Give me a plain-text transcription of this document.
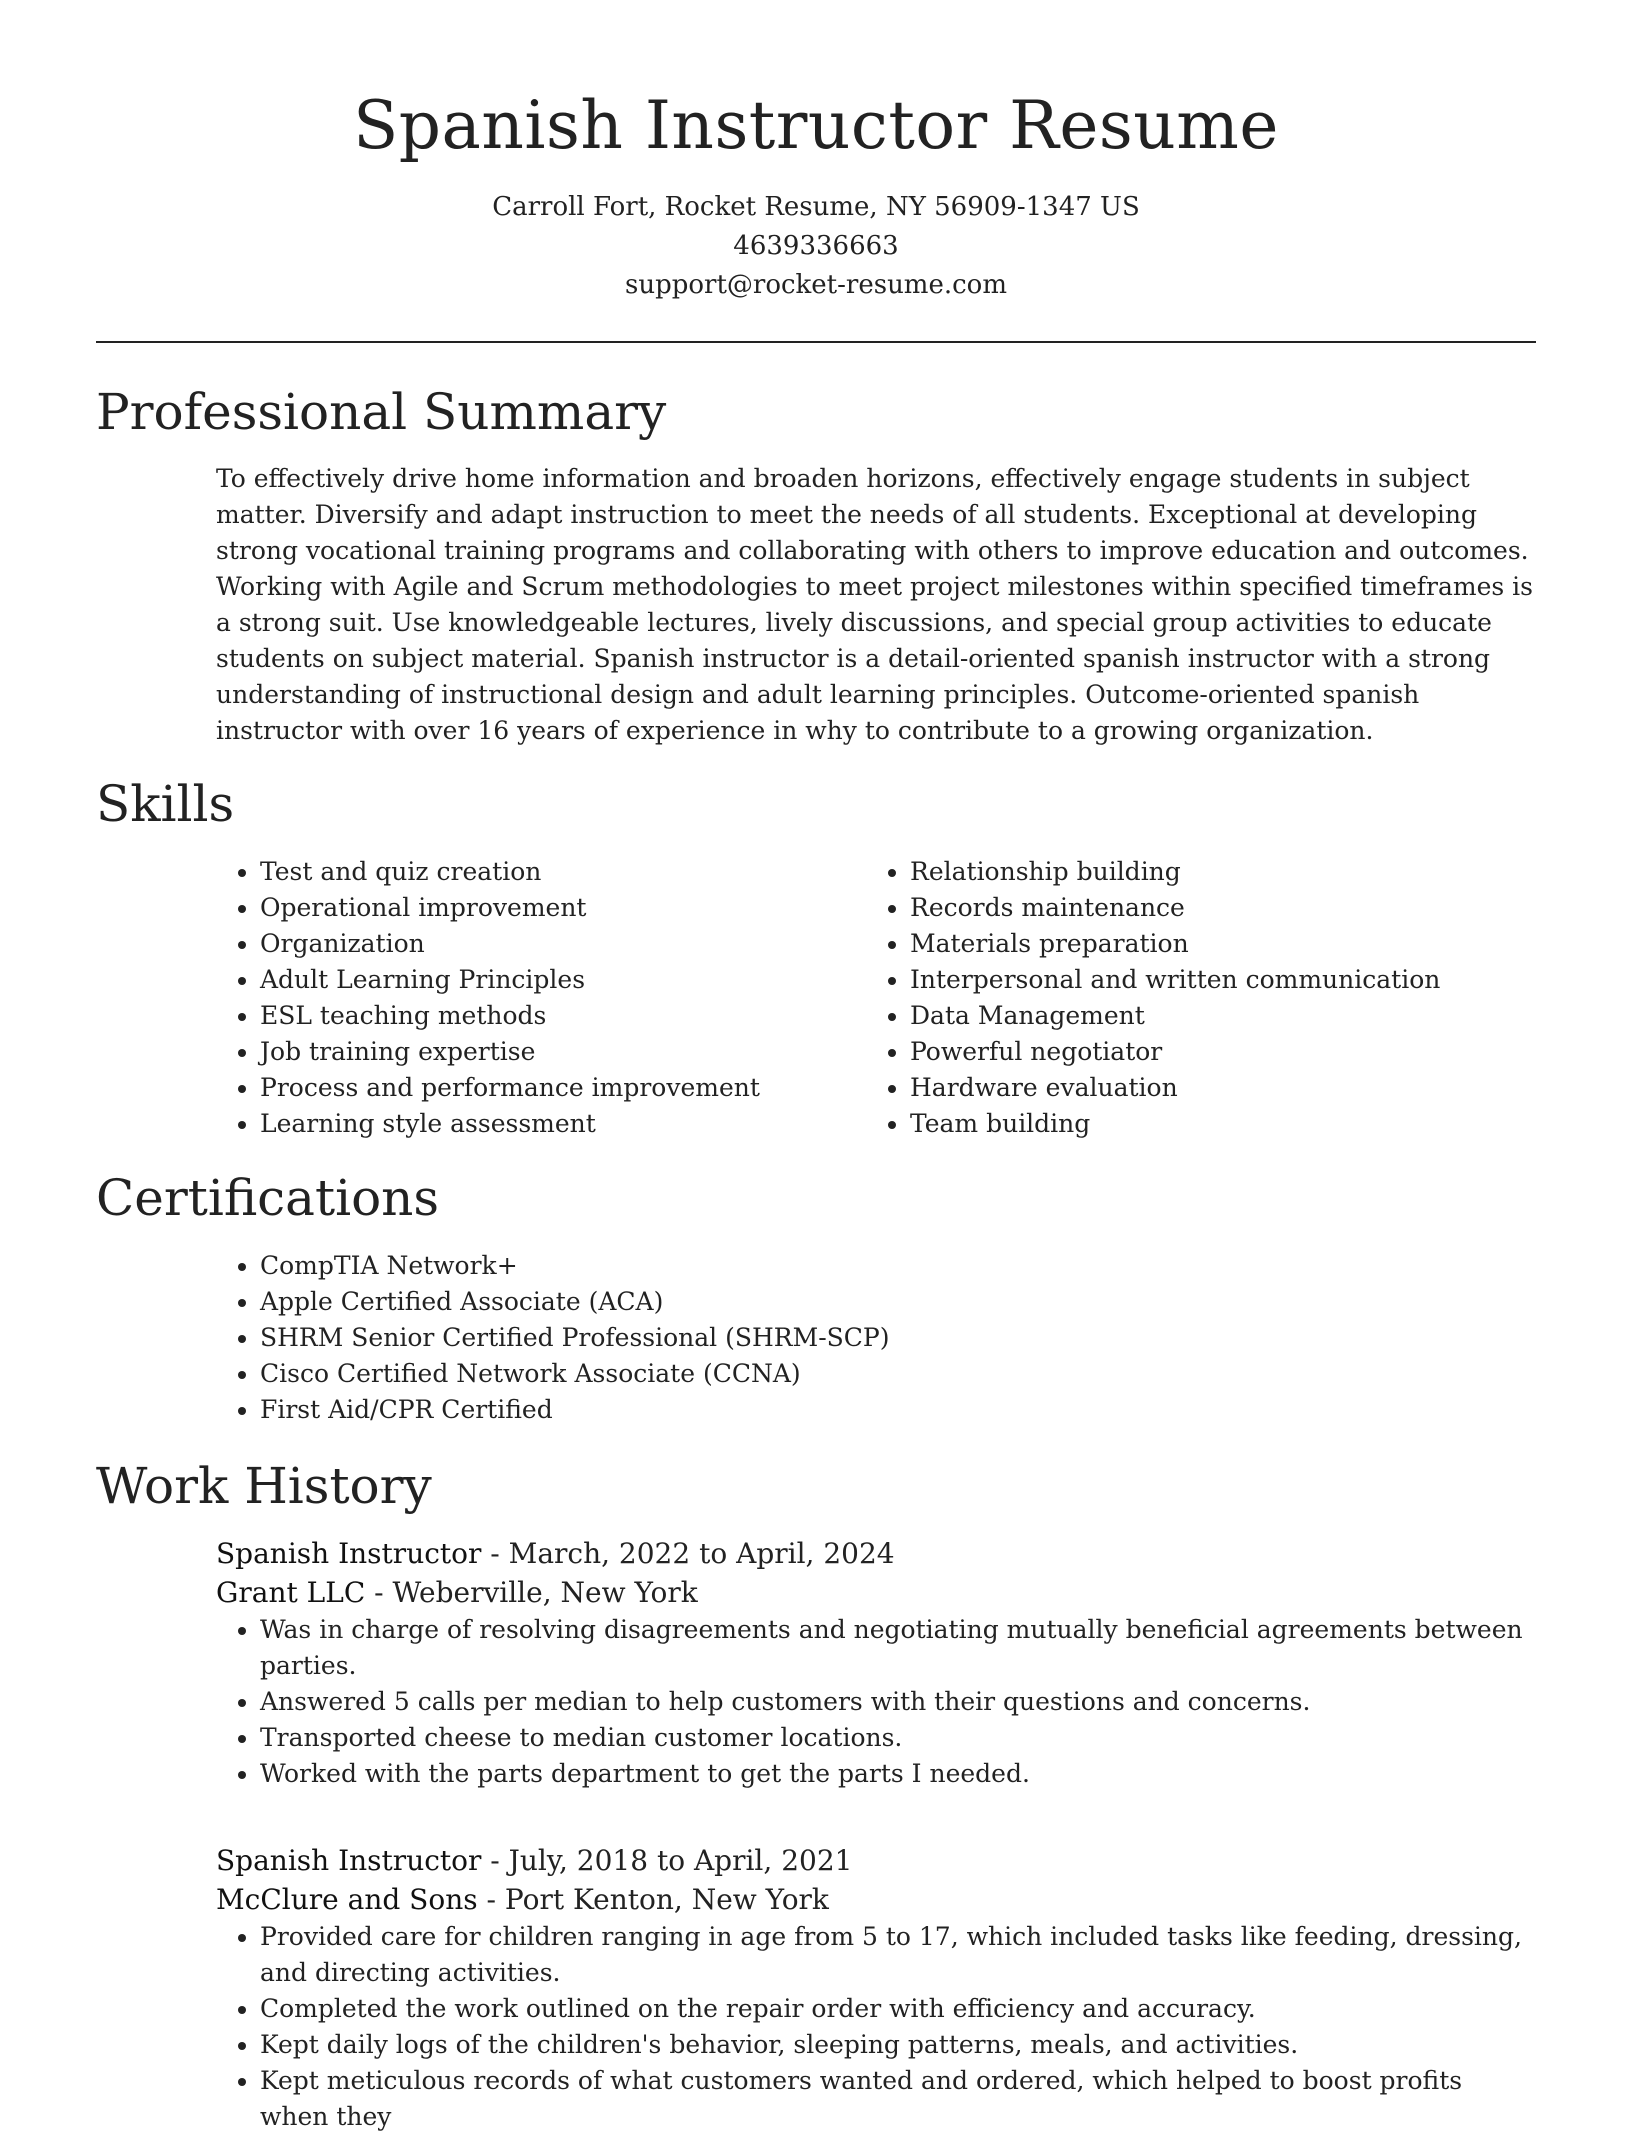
Spanish Instructor Resume
Carroll Fort, Rocket Resume, NY 56909-1347 US
4639336663
support@rocket-resume.com
Professional Summary

To effectively drive home information and broaden horizons, effectively engage students in subject matter. Diversify and adapt instruction to meet the needs of all students. Exceptional at developing strong vocational training programs and collaborating with others to improve education and outcomes. Working with Agile and Scrum methodologies to meet project milestones within specified timeframes is a strong suit. Use knowledgeable lectures, lively discussions, and special group activities to educate students on subject material. Spanish instructor is a detail-oriented spanish instructor with a strong understanding of instructional design and adult learning principles. Outcome-oriented spanish instructor with over 16 years of experience in why to contribute to a growing organization.

Skills
• Test and quiz creation
• Operational improvement
• Organization
• Adult Learning Principles
• ESL teaching methods
• Job training expertise
• Process and performance improvement
• Learning style assessment
• Relationship building
• Records maintenance
• Materials preparation
• Interpersonal and written communication
• Data Management
• Powerful negotiator
• Hardware evaluation
• Team building
Certifications
• CompTIA Network+
• Apple Certified Associate (ACA)
• SHRM Senior Certified Professional (SHRM-SCP)
• Cisco Certified Network Associate (CCNA)
• First Aid/CPR Certified
Work History
Spanish Instructor - March, 2022 to April, 2024
Grant LLC - Weberville, New York
• Was in charge of resolving disagreements and negotiating mutually beneficial agreements between parties.
• Answered 5 calls per median to help customers with their questions and concerns.
• Transported cheese to median customer locations.
• Worked with the parts department to get the parts I needed.
Spanish Instructor - July, 2018 to April, 2021
McClure and Sons - Port Kenton, New York
• Provided care for children ranging in age from 5 to 17, which included tasks like feeding, dressing, and directing activities.
• Completed the work outlined on the repair order with efficiency and accuracy.
• Kept daily logs of the children's behavior, sleeping patterns, meals, and activities.
• Kept meticulous records of what customers wanted and ordered, which helped to boost profits when they
